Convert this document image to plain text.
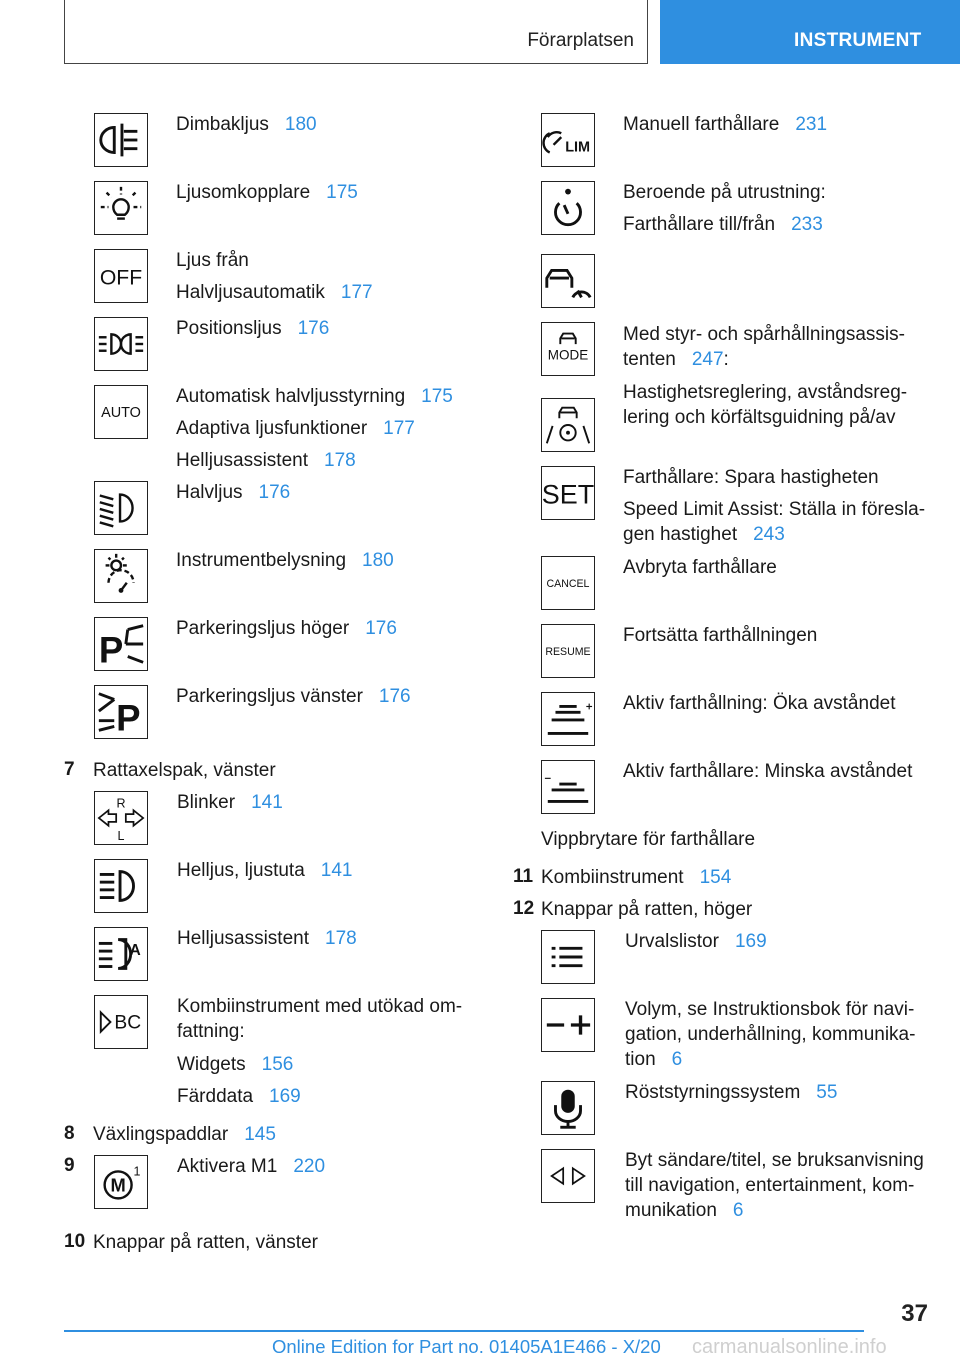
Förarplatsen	INSTRUMENT
Dimbakljus 180
Ljusomkopplare 175
OFF
Ljus från
Halvljusautomatik 177
Positionsljus 176
AUTO
Automatisk halvljusstyrning 175
Adaptiva ljusfunktioner 177
Helljusassistent 178
Halvljus 176
Instrumentbelysning 180
P
Parkeringsljus höger 176
P
Parkeringsljus vänster 176
7 Rattaxelspak, vänster
R
L
Blinker 141
Helljus, ljustuta 141
A
Helljusassistent 178
BC
Kombiinstrument med utökad om-
fattning:
Widgets 156
Färddata 169
8 Växlingspaddlar 145
9
M
1 Aktivera M1 220
10 Knappar på ratten, vänster
LIM
Manuell farthållare 231
Beroende på utrustning:
Farthållare till/från 233
MODE
Med styr- och spårhållningsassis-
tenten 247:
Hastighetsreglering, avståndsreg-
lering och körfältsguidning på/av
SET
Farthållare: Spara hastigheten
Speed Limit Assist: Ställa in föresla-
gen hastighet 243
CANCEL
Avbryta farthållare
RESUME
Fortsätta farthållningen
Aktiv farthållning: Öka avståndet
Aktiv farthållare: Minska avståndet
Vippbrytare för farthållare
11 Kombiinstrument 154
12 Knappar på ratten, höger
Urvalslistor 169
Volym, se Instruktionsbok för navi-
gation, underhållning, kommunika-
tion 6
Röststyrningssystem 55
Byt sändare/titel, se bruksanvisning
till navigation, entertainment, kom-
munikation 6
37
Online Edition for Part no. 01405A1E466 - X/20 carmanualsonline.info
